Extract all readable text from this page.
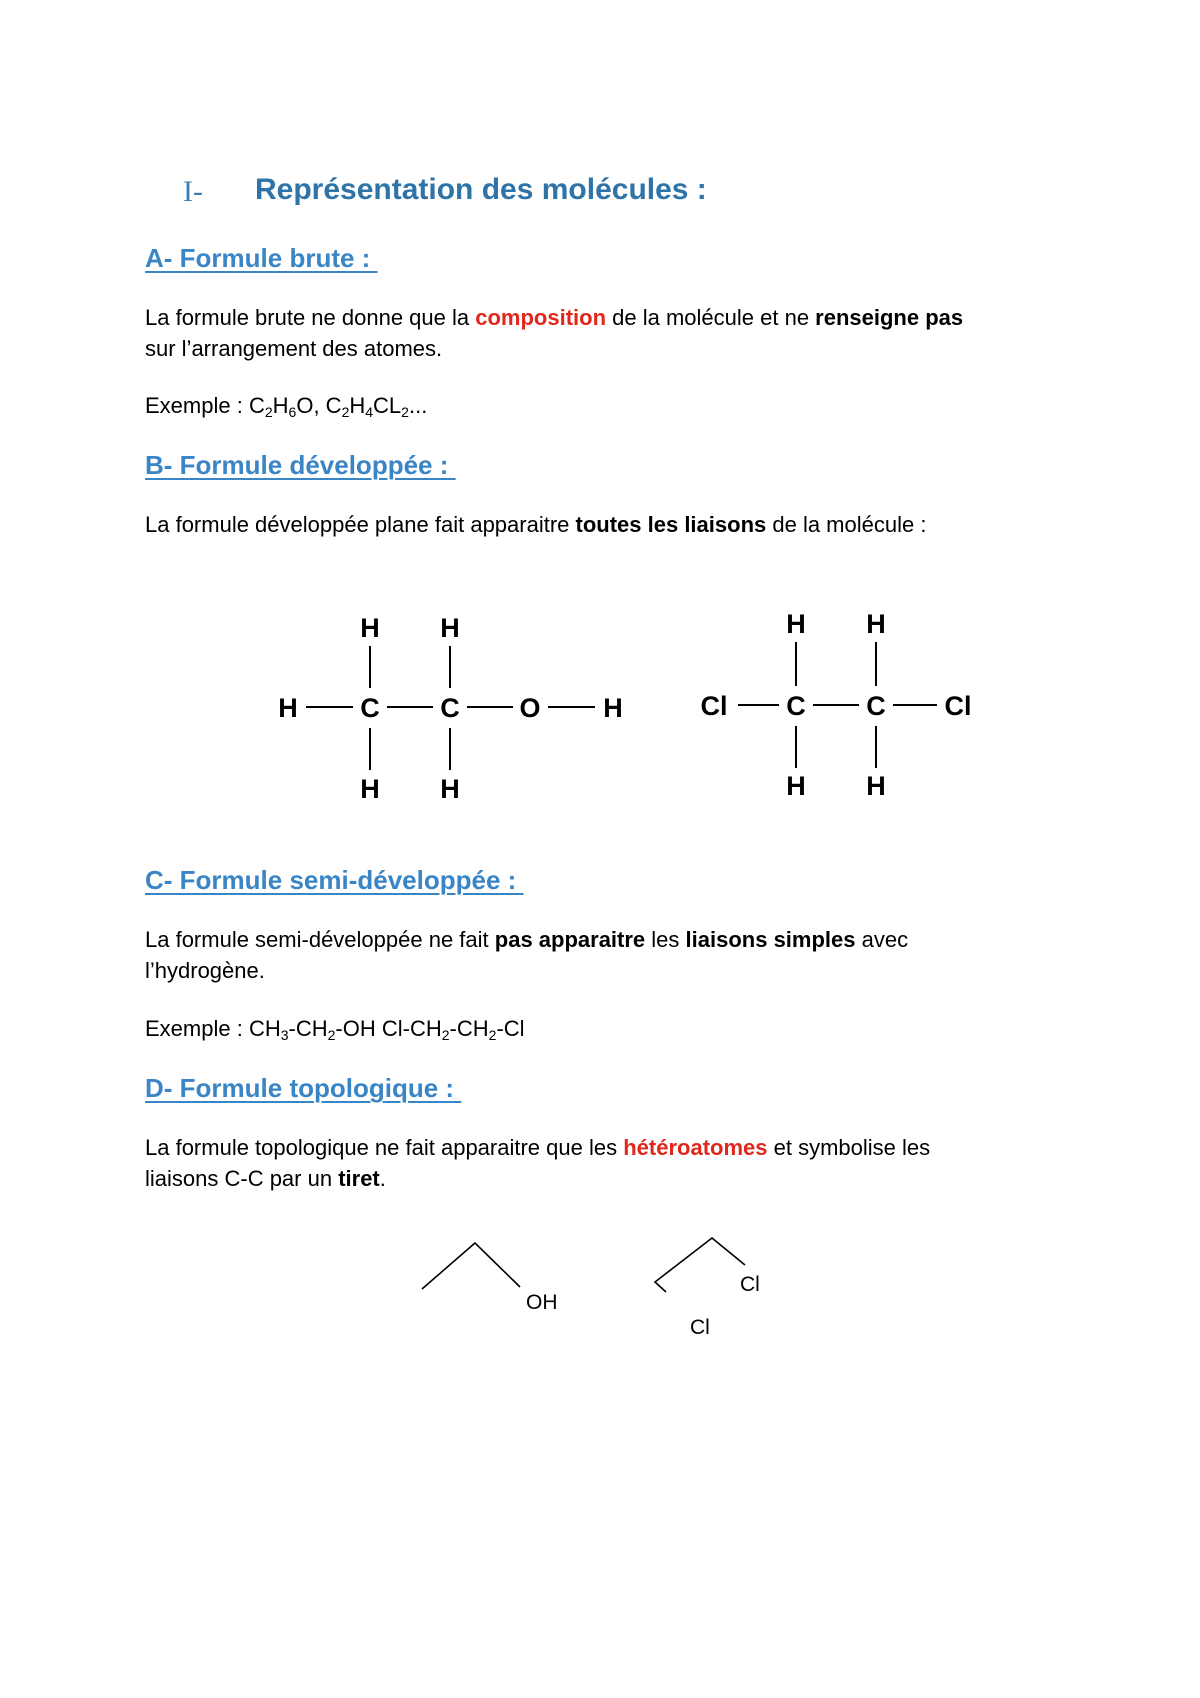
I- Représentation des molécules :
A- Formule brute :
La formule brute ne donne que la composition de la molécule et ne renseigne pas
sur l’arrangement des atomes.
Exemple : $C_2H_6O$, $C_2H_4CL_2$...
B- Formule développée :
La formule développée plane fait apparaitre toutes les liaisons de la molécule :
H H
H C C O H
H H
H H
Cl C C Cl
H H
C- Formule semi-développée :
La formule semi-développée ne fait pas apparaitre les liaisons simples avec
l’hydrogène.
Exemple : $CH_3-CH_2-OH$ $Cl-CH_2-CH_2-Cl$
D- Formule topologique :
La formule topologique ne fait apparaitre que les hétéroatomes et symbolise les
liaisons C-C par un tiret.
OH
Cl
Cl
